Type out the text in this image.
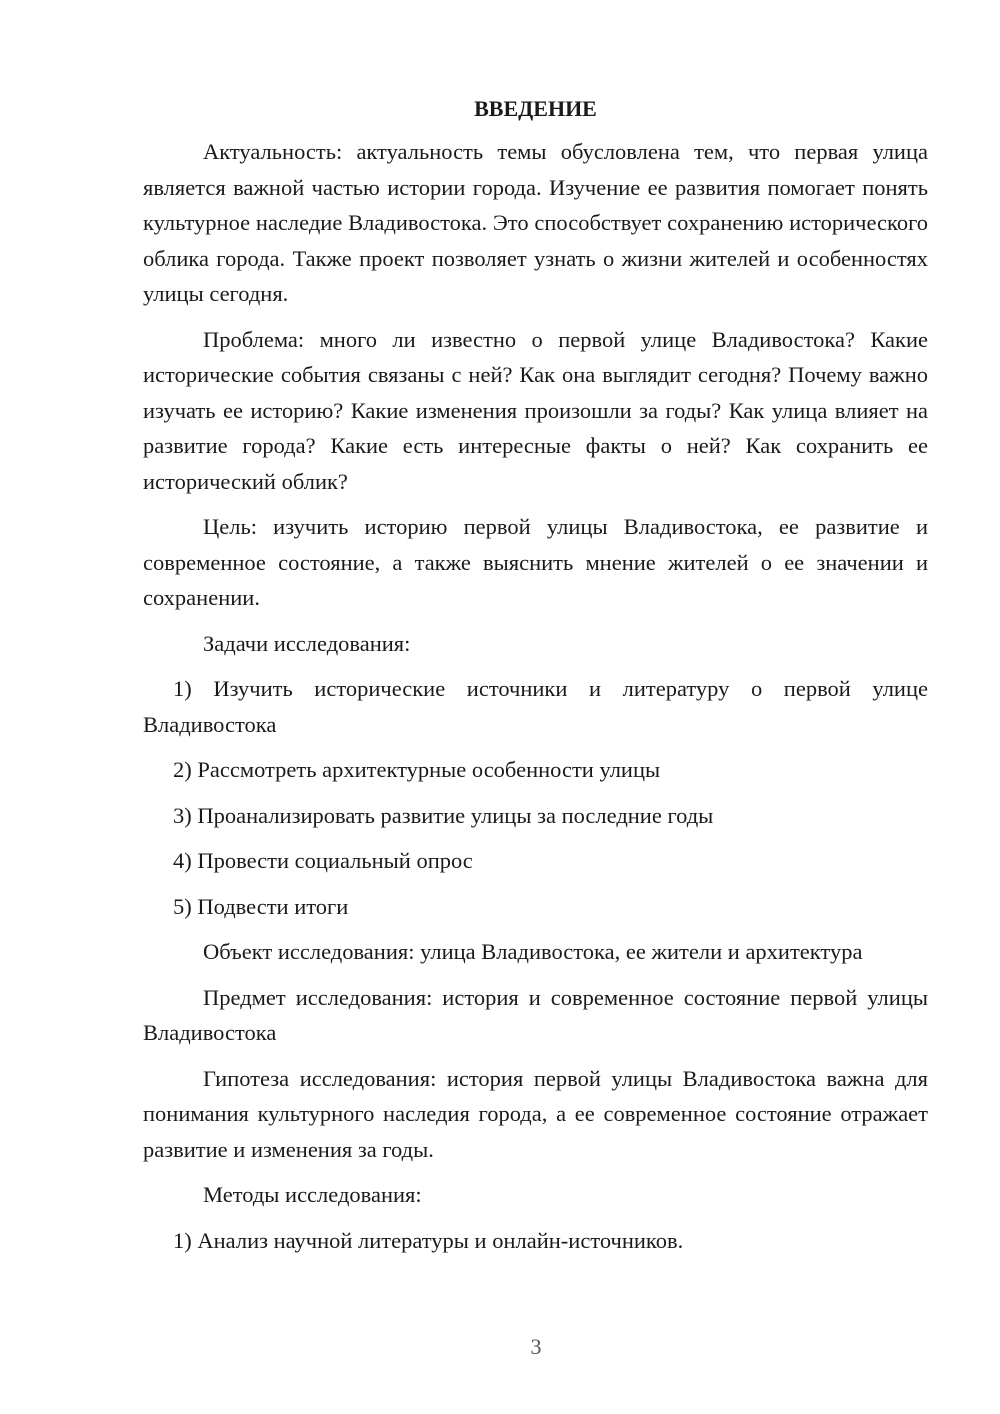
ВВЕДЕНИЕ

Актуальность: актуальность темы обусловлена тем, что первая улица является важной частью истории города. Изучение ее развития помогает понять культурное наследие Владивостока. Это способствует сохранению исторического облика города. Также проект позволяет узнать о жизни жителей и особенностях улицы сегодня.

Проблема: много ли известно о первой улице Владивостока? Какие исторические события связаны с ней? Как она выглядит сегодня? Почему важно изучать ее историю? Какие изменения произошли за годы? Как улица влияет на развитие города? Какие есть интересные факты о ней? Как сохранить ее исторический облик?

Цель: изучить историю первой улицы Владивостока, ее развитие и современное состояние, а также выяснить мнение жителей о ее значении и сохранении.

Задачи исследования:

1) Изучить исторические источники и литературу о первой улице Владивостока

2) Рассмотреть архитектурные особенности улицы

3) Проанализировать развитие улицы за последние годы

4) Провести социальный опрос

5) Подвести итоги

Объект исследования: улица Владивостока, ее жители и архитектура

Предмет исследования: история и современное состояние первой улицы Владивостока

Гипотеза исследования: история первой улицы Владивостока важна для понимания культурного наследия города, а ее современное состояние отражает развитие и изменения за годы.

Методы исследования:

1) Анализ научной литературы и онлайн-источников.

3
